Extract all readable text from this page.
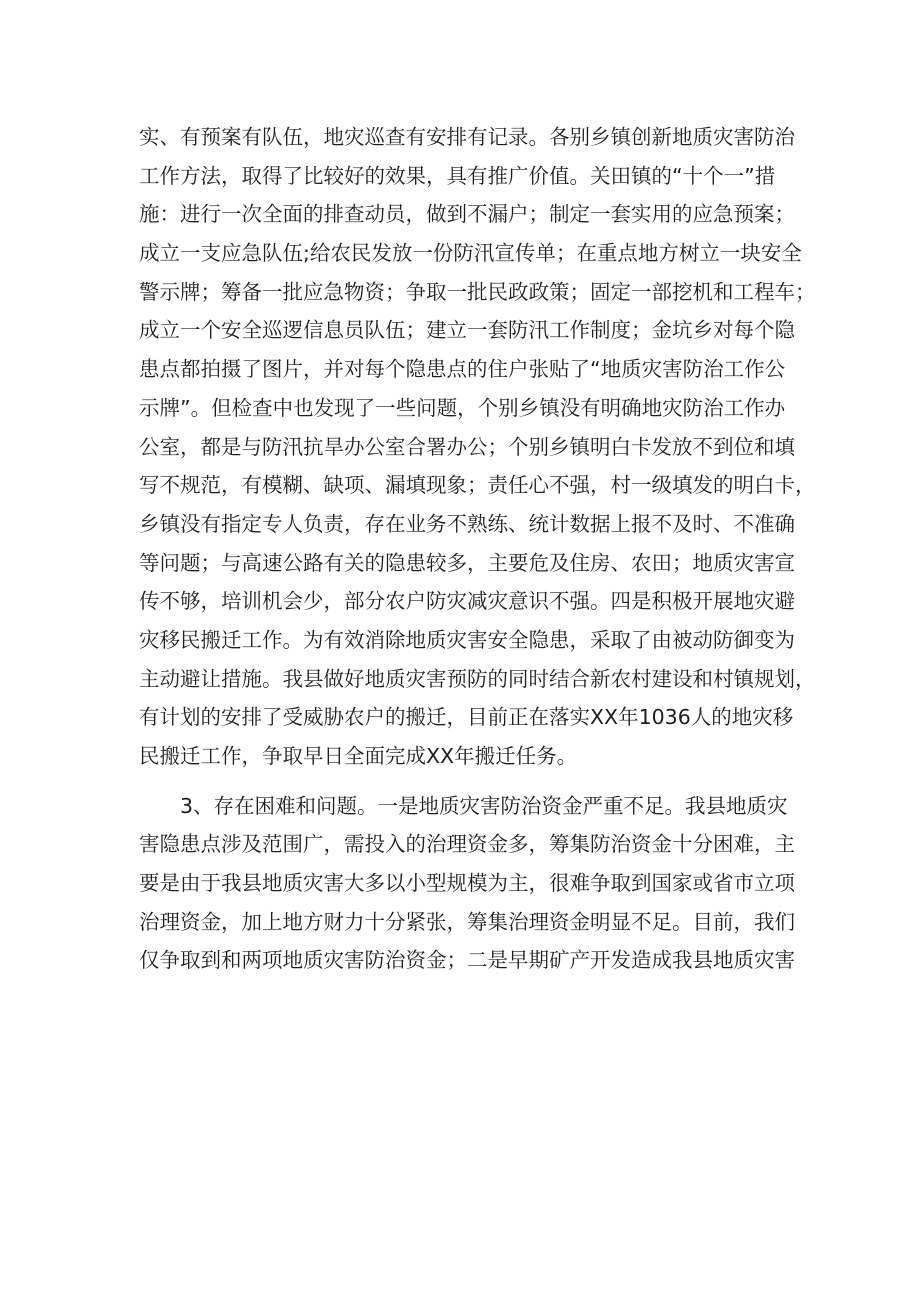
实、有预案有队伍，地灾巡查有安排有记录。各别乡镇创新地质灾害防治
工作方法，取得了比较好的效果，具有推广价值。关田镇的“十个一”措
施：进行一次全面的排查动员，做到不漏户；制定一套实用的应急预案；
成立一支应急队伍;给农民发放一份防汛宣传单；在重点地方树立一块安全
警示牌；筹备一批应急物资；争取一批民政政策；固定一部挖机和工程车；
成立一个安全巡逻信息员队伍；建立一套防汛工作制度；金坑乡对每个隐
患点都拍摄了图片，并对每个隐患点的住户张贴了“地质灾害防治工作公
示牌”。但检查中也发现了一些问题，个别乡镇没有明确地灾防治工作办
公室，都是与防汛抗旱办公室合署办公；个别乡镇明白卡发放不到位和填
写不规范，有模糊、缺项、漏填现象；责任心不强，村一级填发的明白卡，
乡镇没有指定专人负责，存在业务不熟练、统计数据上报不及时、不准确
等问题；与高速公路有关的隐患较多，主要危及住房、农田；地质灾害宣
传不够，培训机会少，部分农户防灾减灾意识不强。四是积极开展地灾避
灾移民搬迁工作。为有效消除地质灾害安全隐患，采取了由被动防御变为
主动避让措施。我县做好地质灾害预防的同时结合新农村建设和村镇规划，
有计划的安排了受威胁农户的搬迁，目前正在落实XX年1036人的地灾移
民搬迁工作，争取早日全面完成XX年搬迁任务。
3、存在困难和问题。一是地质灾害防治资金严重不足。我县地质灾
害隐患点涉及范围广，需投入的治理资金多，筹集防治资金十分困难，主
要是由于我县地质灾害大多以小型规模为主，很难争取到国家或省市立项
治理资金，加上地方财力十分紧张，筹集治理资金明显不足。目前，我们
仅争取到和两项地质灾害防治资金；二是早期矿产开发造成我县地质灾害
